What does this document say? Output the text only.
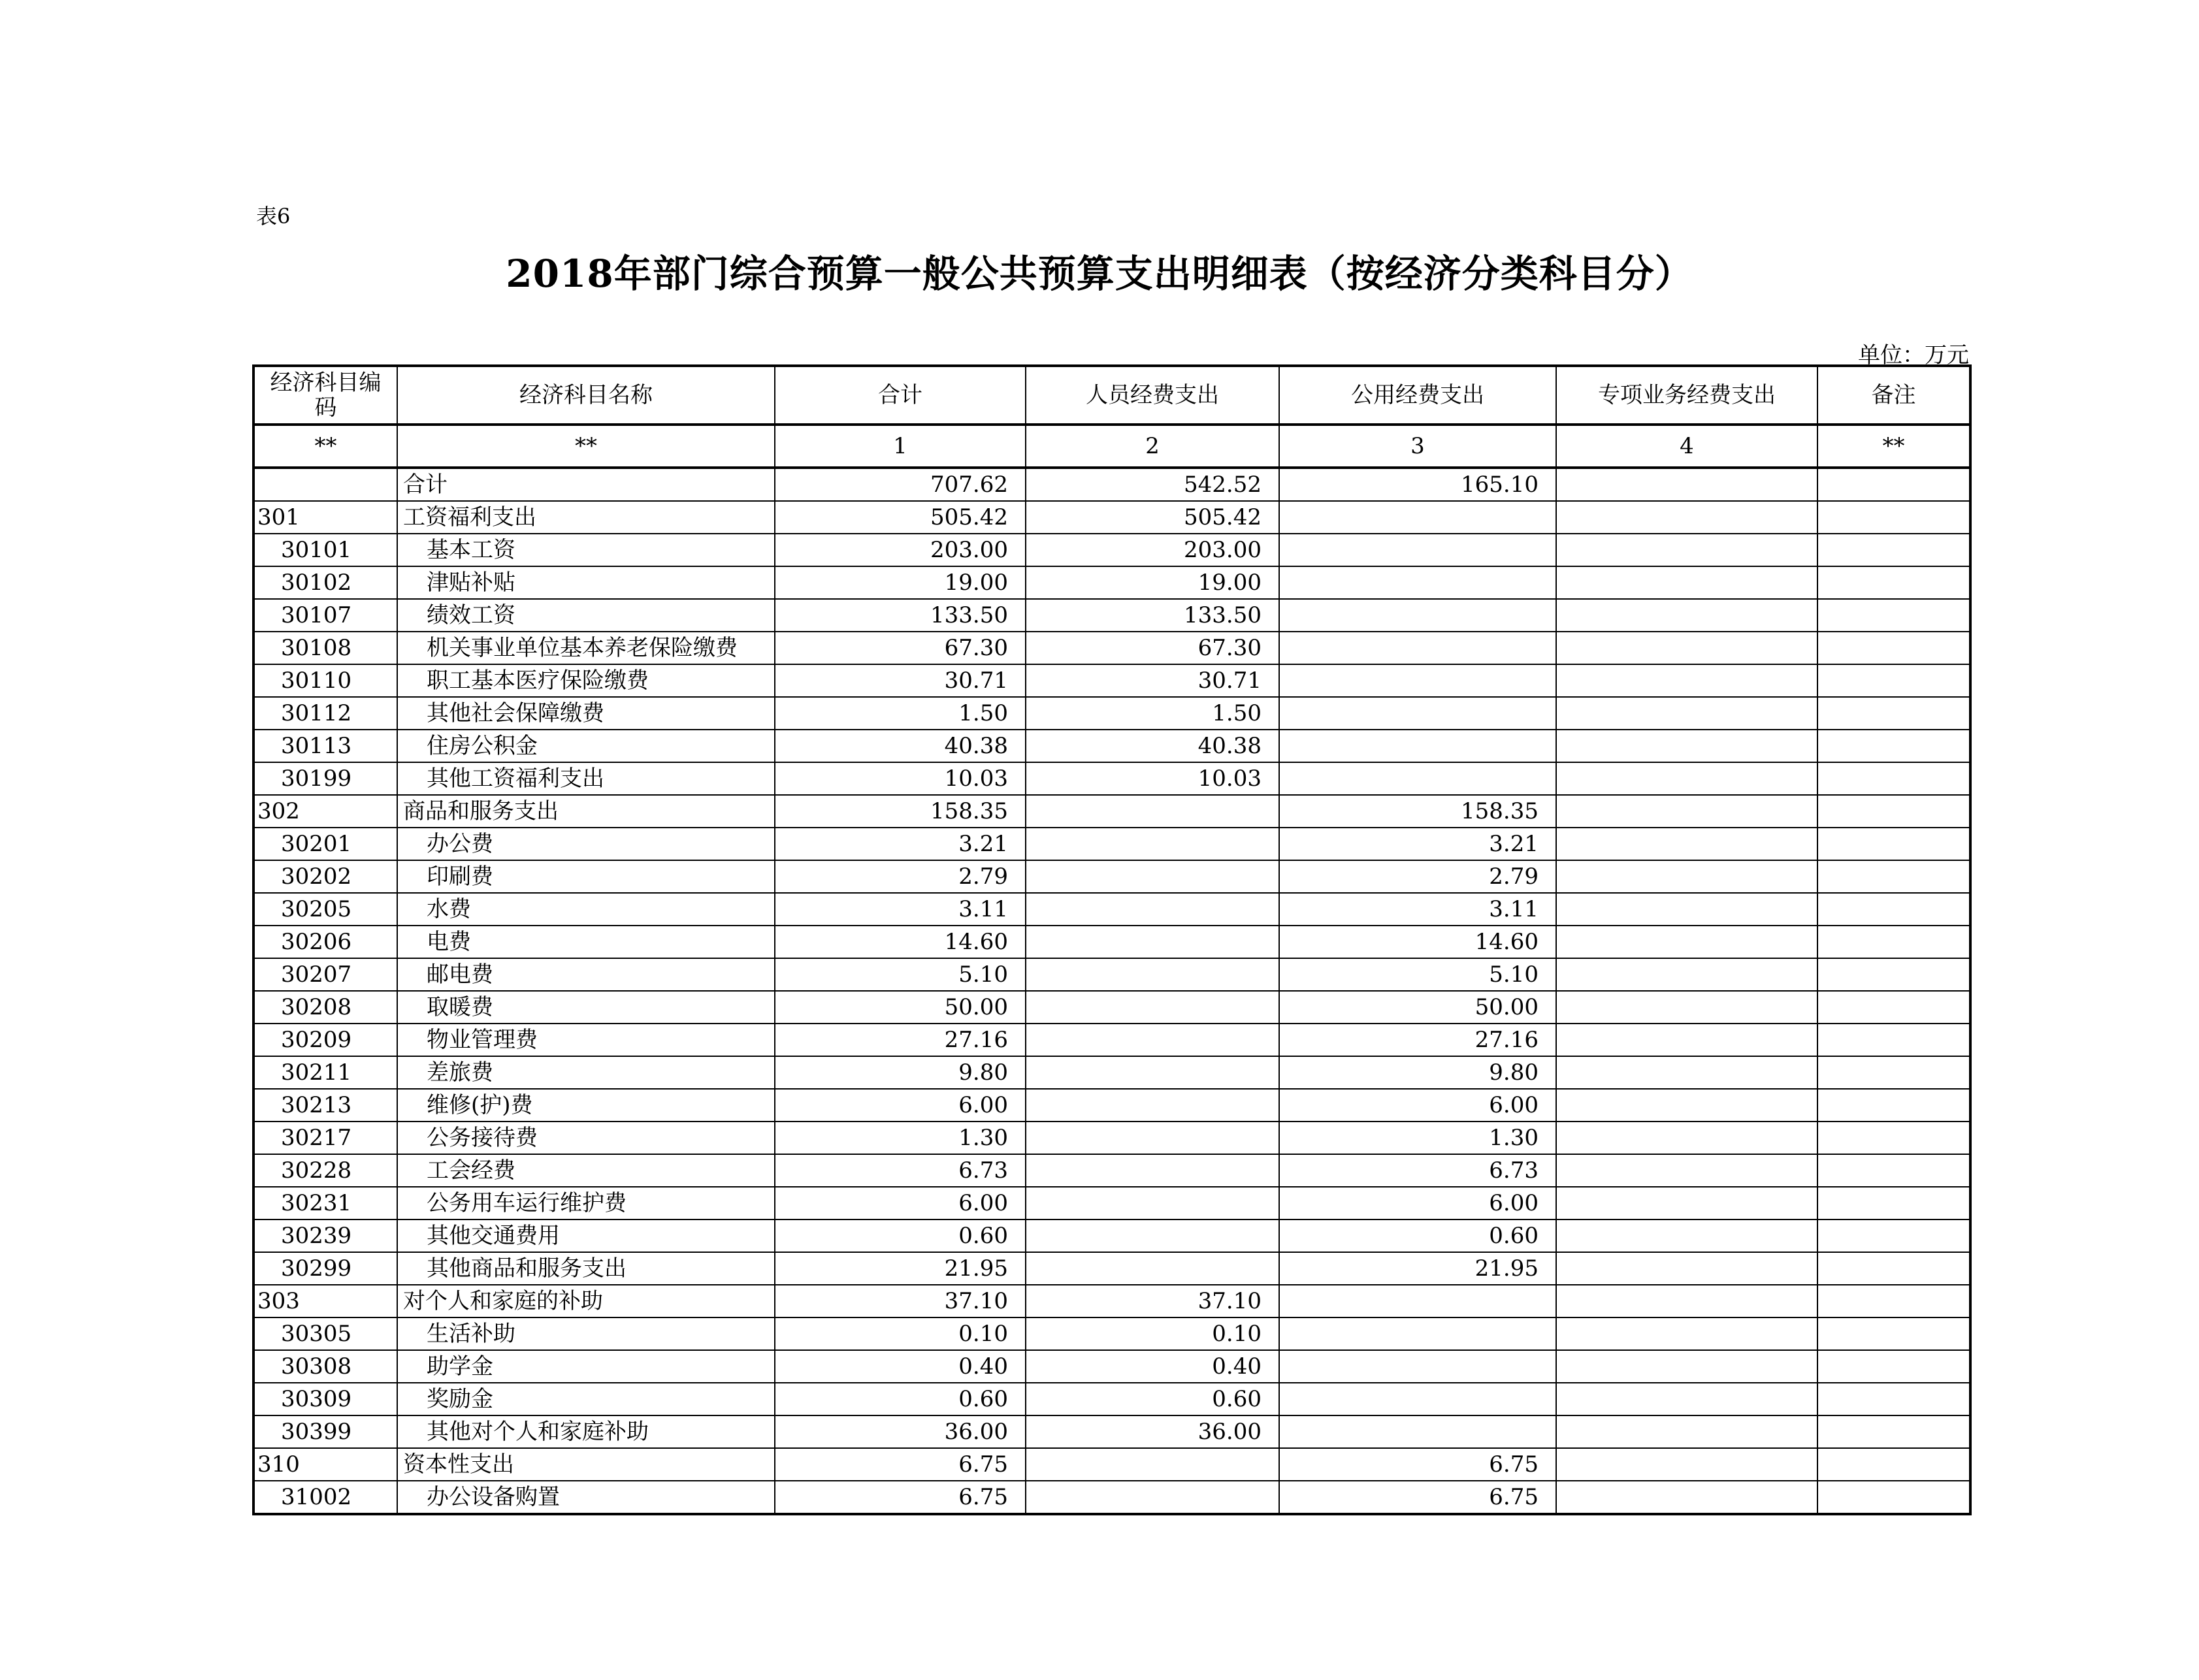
表6
2018年部门综合预算一般公共预算支出明细表（按经济分类科目分）
单位：万元
经济科目编码	经济科目名称	合计	人员经费支出	公用经费支出	专项业务经费支出	备注
**	**	1	2	3	4	**
	合计	707.62	542.52	165.10		
301	工资福利支出	505.42	505.42			
30101	基本工资	203.00	203.00			
30102	津贴补贴	19.00	19.00			
30107	绩效工资	133.50	133.50			
30108	机关事业单位基本养老保险缴费	67.30	67.30			
30110	职工基本医疗保险缴费	30.71	30.71			
30112	其他社会保障缴费	1.50	1.50			
30113	住房公积金	40.38	40.38			
30199	其他工资福利支出	10.03	10.03			
302	商品和服务支出	158.35		158.35		
30201	办公费	3.21		3.21		
30202	印刷费	2.79		2.79		
30205	水费	3.11		3.11		
30206	电费	14.60		14.60		
30207	邮电费	5.10		5.10		
30208	取暖费	50.00		50.00		
30209	物业管理费	27.16		27.16		
30211	差旅费	9.80		9.80		
30213	维修(护)费	6.00		6.00		
30217	公务接待费	1.30		1.30		
30228	工会经费	6.73		6.73		
30231	公务用车运行维护费	6.00		6.00		
30239	其他交通费用	0.60		0.60		
30299	其他商品和服务支出	21.95		21.95		
303	对个人和家庭的补助	37.10	37.10			
30305	生活补助	0.10	0.10			
30308	助学金	0.40	0.40			
30309	奖励金	0.60	0.60			
30399	其他对个人和家庭补助	36.00	36.00			
310	资本性支出	6.75		6.75		
31002	办公设备购置	6.75		6.75		
